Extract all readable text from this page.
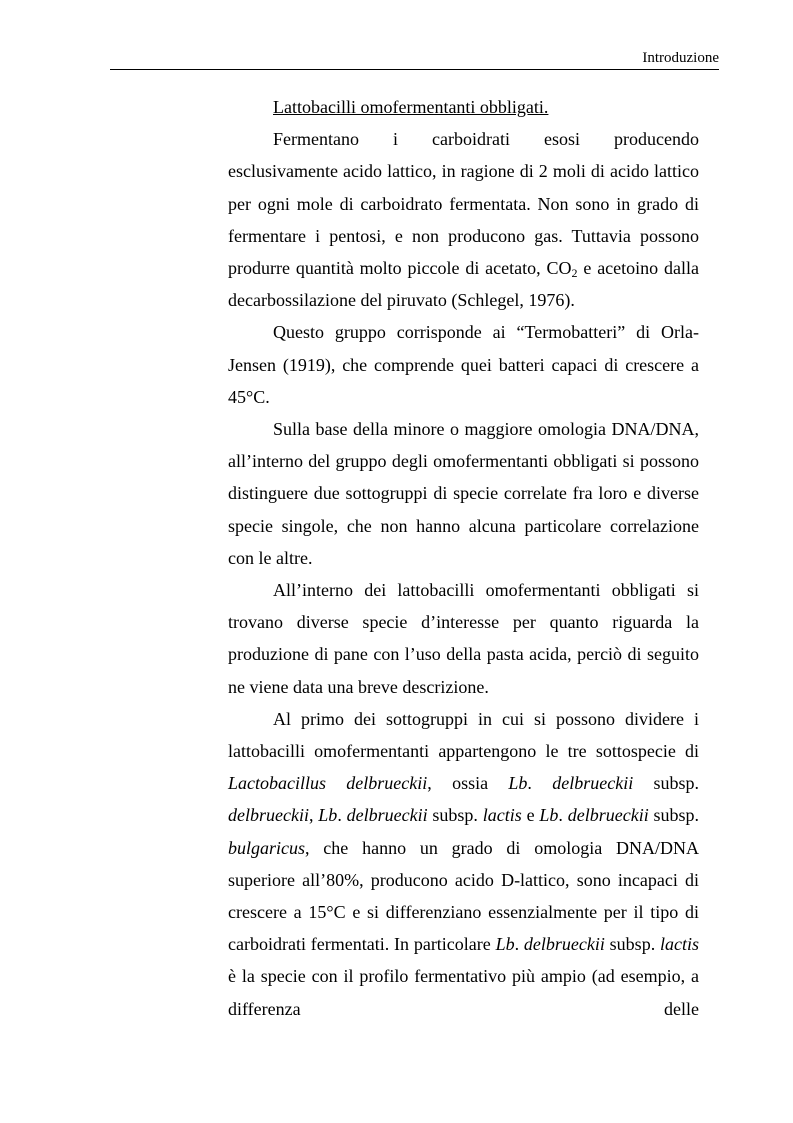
Introduzione

Lattobacilli omofermentanti obbligati.

Fermentano i carboidrati esosi producendo
esclusivamente acido lattico, in ragione di 2 moli di acido lattico per ogni mole di carboidrato fermentata. Non sono in grado di fermentare i pentosi, e non producono gas. Tuttavia possono produrre quantità molto piccole di acetato, $CO_2$ e acetoino dalla decarbossilazione del piruvato (Schlegel, 1976).

Questo gruppo corrisponde ai “Termobatteri” di Orla-Jensen (1919), che comprende quei batteri capaci di crescere a 45°C.

Sulla base della minore o maggiore omologia DNA/DNA, all’interno del gruppo degli omofermentanti obbligati si possono distinguere due sottogruppi di specie correlate fra loro e diverse specie singole, che non hanno alcuna particolare correlazione con le altre.

All’interno dei lattobacilli omofermentanti obbligati si trovano diverse specie d’interesse per quanto riguarda la produzione di pane con l’uso della pasta acida, perciò di seguito ne viene data una breve descrizione.

Al primo dei sottogruppi in cui si possono dividere i lattobacilli omofermentanti appartengono le tre sottospecie di Lactobacillus delbrueckii, ossia Lb. delbrueckii subsp. delbrueckii, Lb. delbrueckii subsp. lactis e Lb. delbrueckii subsp. bulgaricus, che hanno un grado di omologia DNA/DNA superiore all’80%, producono acido D-lattico, sono incapaci di crescere a 15°C e si differenziano essenzialmente per il tipo di carboidrati fermentati. In particolare Lb. delbrueckii subsp. lactis è la specie con il profilo fermentativo più ampio (ad esempio, a differenza delle
